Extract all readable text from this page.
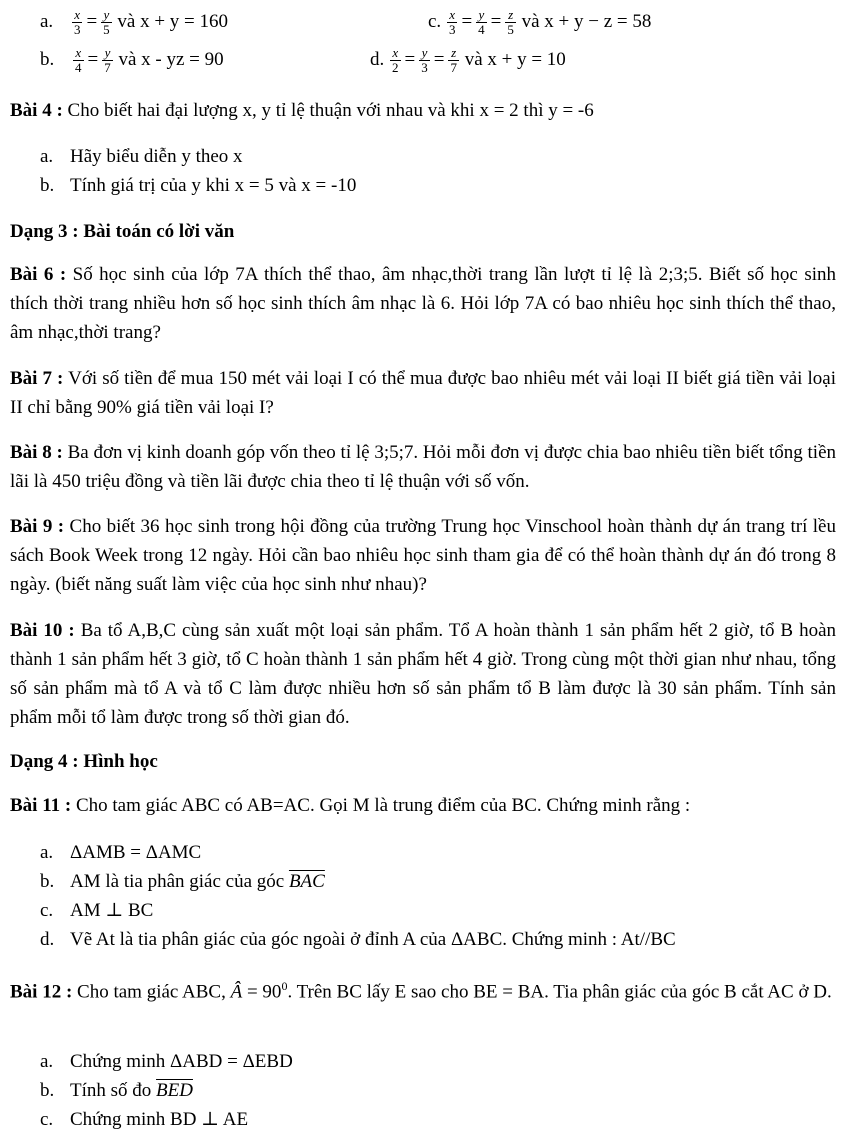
a. $\frac{x}{3} = \frac{y}{5}$ và x + y = 160	c. $\frac{x}{3} = \frac{y}{4} = \frac{z}{5}$ và x + y − z = 58
b. $\frac{x}{4} = \frac{y}{7}$ và x - yz = 90	d. $\frac{x}{2} = \frac{y}{3} = \frac{z}{7}$ và x + y = 10
Bài 4 : Cho biết hai đại lượng x, y tỉ lệ thuận với nhau và khi x = 2 thì y = -6
a. Hãy biểu diễn y theo x
b. Tính giá trị của y khi x = 5 và x = -10
Dạng 3 : Bài toán có lời văn
Bài 6 : Số học sinh của lớp 7A thích thể thao, âm nhạc,thời trang lần lượt tỉ lệ là 2;3;5. Biết số học sinh thích thời trang nhiều hơn số học sinh thích âm nhạc là 6. Hỏi lớp 7A có bao nhiêu học sinh thích thể thao, âm nhạc,thời trang?
Bài 7 : Với số tiền để mua 150 mét vải loại I có thể mua được bao nhiêu mét vải loại II biết giá tiền vải loại II chỉ bằng 90% giá tiền vải loại I?
Bài 8 : Ba đơn vị kinh doanh góp vốn theo tỉ lệ 3;5;7. Hỏi mỗi đơn vị được chia bao nhiêu tiền biết tổng tiền lãi là 450 triệu đồng và tiền lãi được chia theo tỉ lệ thuận với số vốn.
Bài 9 : Cho biết 36 học sinh trong hội đồng của trường Trung học Vinschool hoàn thành dự án trang trí lều sách Book Week trong 12 ngày. Hỏi cần bao nhiêu học sinh tham gia để có thể hoàn thành dự án đó trong 8 ngày. (biết năng suất làm việc của học sinh như nhau)?
Bài 10 : Ba tổ A,B,C cùng sản xuất một loại sản phẩm. Tổ A hoàn thành 1 sản phẩm hết 2 giờ, tổ B hoàn thành 1 sản phẩm hết 3 giờ, tổ C hoàn thành 1 sản phẩm hết 4 giờ. Trong cùng một thời gian như nhau, tổng số sản phẩm mà tổ A và tổ C làm được nhiều hơn số sản phẩm tổ B làm được là 30 sản phẩm. Tính sản phẩm mỗi tổ làm được trong số thời gian đó.
Dạng 4 : Hình học
Bài 11 : Cho tam giác ABC có AB=AC. Gọi M là trung điểm của BC. Chứng minh rằng :
a. ΔAMB = ΔAMC
b. AM là tia phân giác của góc $\overline{BAC}$
c. AM ⊥ BC
d. Vẽ At là tia phân giác của góc ngoài ở đỉnh A của ΔABC. Chứng minh : At//BC
Bài 12 : Cho tam giác ABC, Â = $90^0$. Trên BC lấy E sao cho BE = BA. Tia phân giác của góc B cắt AC ở D.
a. Chứng minh ΔABD = ΔEBD
b. Tính số đo $\overline{BED}$
c. Chứng minh BD ⊥ AE
